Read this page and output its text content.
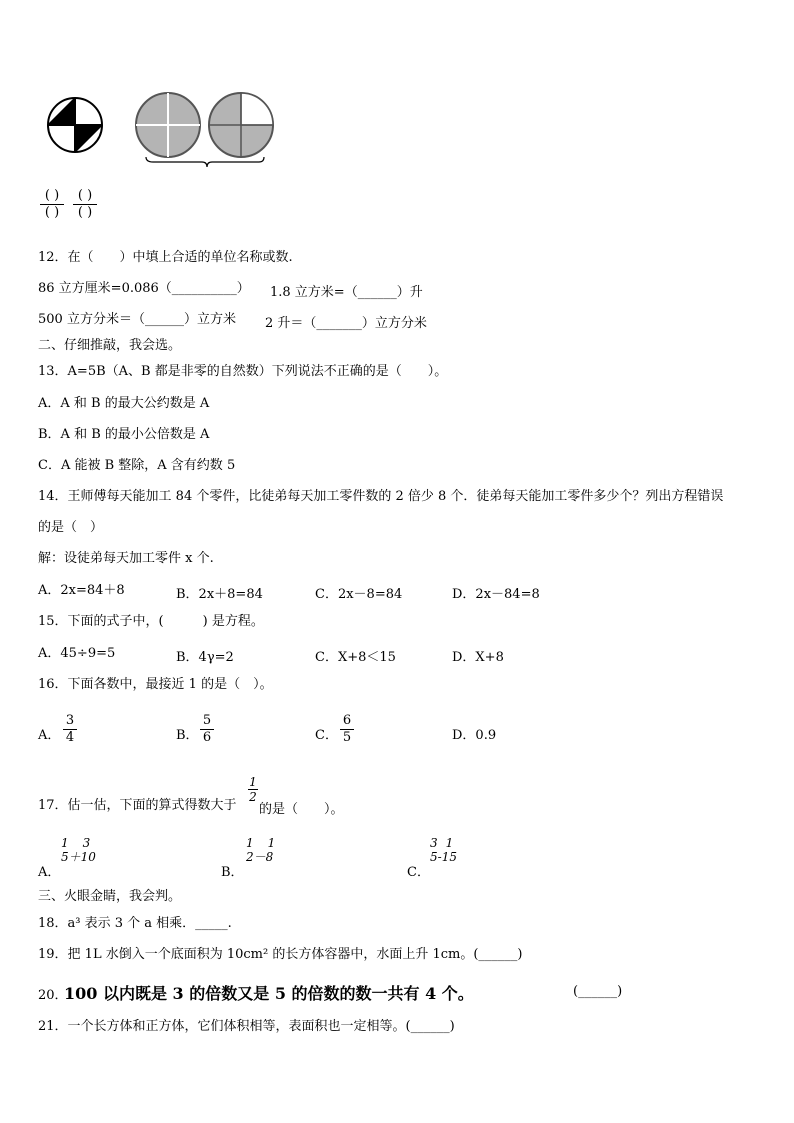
( )
( )
( )
( )
12．在（　　）中填上合适的单位名称或数.
86 立方厘米=0.086（__________） 1.8 立方米=（______）升
500 立方分米＝（______）立方米 2 升＝（_______）立方分米
二、仔细推敲，我会选。
13．A=5B（A、B 都是非零的自然数）下列说法不正确的是（　　）。
A．A 和 B 的最大公约数是 A
B．A 和 B 的最小公倍数是 A
C．A 能被 B 整除，A 含有约数 5
14．王师傅每天能加工 84 个零件，比徒弟每天加工零件数的 2 倍少 8 个．徒弟每天能加工零件多少个？列出方程错误
的是（　）
解：设徒弟每天加工零件 x 个.
A．2x=84＋8	B．2x＋8=84	C．2x－8=84	D．2x－84=8
15．下面的式子中，(　　　) 是方程。
A．45÷9=5	B．4γ=2	C．X+8＜15	D．X+8
16．下面各数中，最接近 1 的是（　）。
A． $\frac{3}{4}$	B． $\frac{5}{6}$	C． $\frac{6}{5}$	D．0.9
17．估一估，下面的算式得数大于
$\frac{1}{2}$
的是（　　）。
A．
1 3
5＋10
B．
1 1
2－8
C．
3 1
5-15
三、火眼金睛，我会判。
18．a³ 表示 3 个 a 相乘．_____.
19．把 1L 水倒入一个底面积为 10cm² 的长方体容器中，水面上升 1cm。(______)
20．
100 以内既是 3 的倍数又是 5 的倍数的数一共有 4 个。	(______)
21．一个长方体和正方体，它们体积相等，表面积也一定相等。(______)
